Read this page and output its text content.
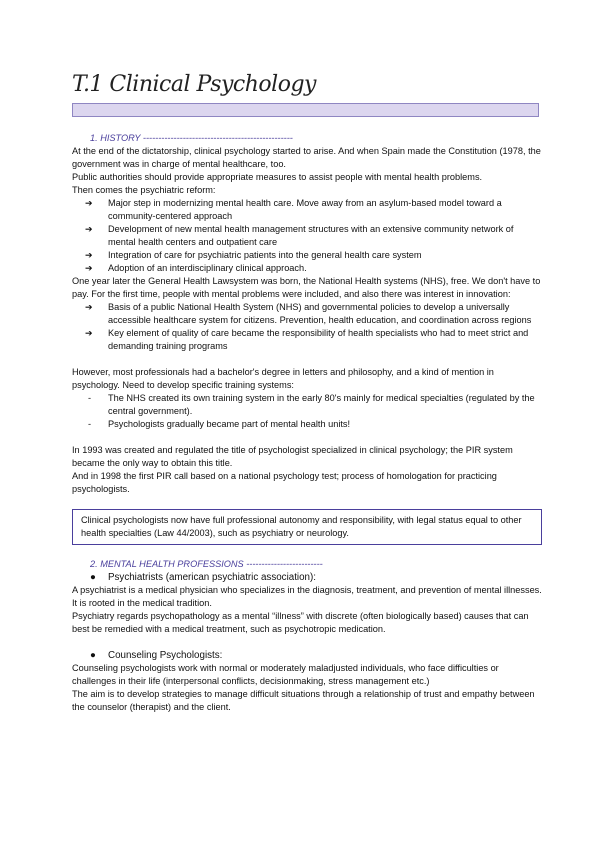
T.1 Clinical Psychology

1. HISTORY -------------------------------------------------

At the end of the dictatorship, clinical psychology started to arise. And when Spain made the Constitution (1978, the government was in charge of mental healthcare, too.

Public authorities should provide appropriate measures to assist people with mental health problems.

Then comes the psychiatric reform:

➔ Major step in modernizing mental health care. Move away from an asylum-based model toward a community-centered approach
➔ Development of new mental health management structures with an extensive community network of mental health centers and outpatient care
➔ Integration of care for psychiatric patients into the general health care system
➔ Adoption of an interdisciplinary clinical approach.

One year later the General Health Lawsystem was born, the National Health systems (NHS), free. We don't have to pay. For the first time, people with mental problems were included, and also there was interest in innovation:

➔ Basis of a public National Health System (NHS) and governmental policies to develop a universally accessible healthcare system for citizens. Prevention, health education, and coordination across regions
➔ Key element of quality of care became the responsibility of health specialists who had to meet strict and demanding training programs

However, most professionals had a bachelor's degree in letters and philosophy, and a kind of mention in psychology. Need to develop specific training systems:

- The NHS created its own training system in the early 80's mainly for medical specialties (regulated by the central government).
- Psychologists gradually became part of mental health units!

In 1993 was created and regulated the title of psychologist specialized in clinical psychology; the PIR system became the only way to obtain this title.

And in 1998 the first PIR call based on a national psychology test; process of homologation for practicing psychologists.

Clinical psychologists now have full professional autonomy and responsibility, with legal status equal to other health specialties (Law 44/2003), such as psychiatry or neurology.

2. MENTAL HEALTH PROFESSIONS -------------------------

● Psychiatrists (american psychiatric association):

A psychiatrist is a medical physician who specializes in the diagnosis, treatment, and prevention of mental illnesses.

It is rooted in the medical tradition.

Psychiatry regards psychopathology as a mental “illness” with discrete (often biologically based) causes that can best be remedied with a medical treatment, such as psychotropic medication.

● Counseling Psychologists:

Counseling psychologists work with normal or moderately maladjusted individuals, who face difficulties or challenges in their life (interpersonal conflicts, decisionmaking, stress management etc.)

The aim is to develop strategies to manage difficult situations through a relationship of trust and empathy between the counselor (therapist) and the client.
